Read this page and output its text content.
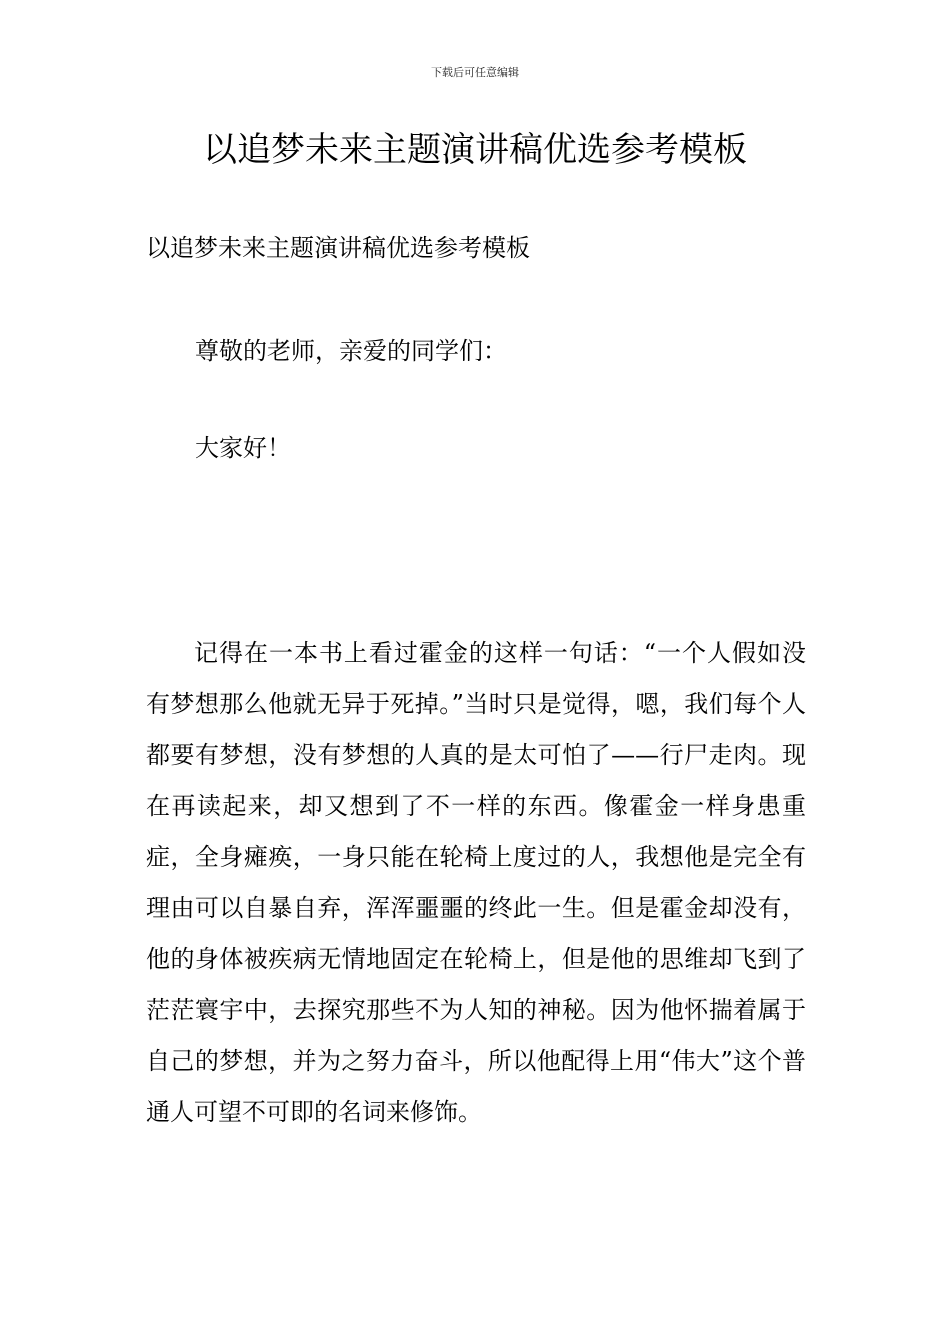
下载后可任意编辑
以追梦未来主题演讲稿优选参考模板

以追梦未来主题演讲稿优选参考模板

尊敬的老师，亲爱的同学们：

大家好！

记得在一本书上看过霍金的这样一句话：“一个人假如没有梦想那么他就无异于死掉。”当时只是觉得，嗯，我们每个人都要有梦想，没有梦想的人真的是太可怕了——行尸走肉。现在再读起来，却又想到了不一样的东西。像霍金一样身患重症，全身瘫痪，一身只能在轮椅上度过的人，我想他是完全有理由可以自暴自弃，浑浑噩噩的终此一生。但是霍金却没有，他的身体被疾病无情地固定在轮椅上，但是他的思维却飞到了茫茫寰宇中，去探究那些不为人知的神秘。因为他怀揣着属于自己的梦想，并为之努力奋斗，所以他配得上用“伟大”这个普通人可望不可即的名词来修饰。
